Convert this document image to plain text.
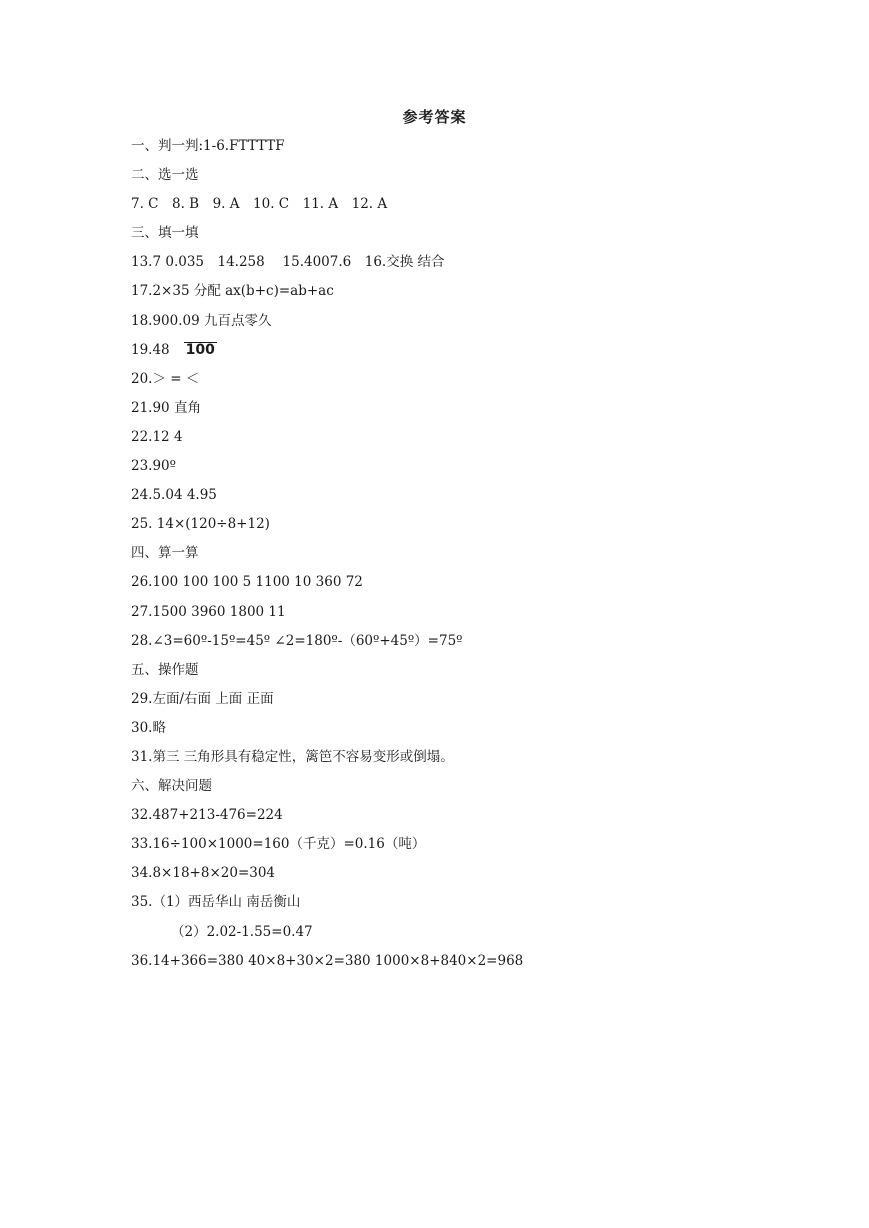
参考答案
一、判一判:1-6.FTTTTF
二、选一选
7. C　8. B　9. A　10. C　11. A　12. A
三、填一填
13.7 0.035　14.258　 15.4007.6　16.交换 结合
17.2×35 分配 ax(b+c)=ab+ac
18.900.09 九百点零久
19.48 100
20.＞ = ＜
21.90 直角
22.12 4
23.90º
24.5.04 4.95
25. 14×(120÷8+12)
四、算一算
26.100 100 100 5 1100 10 360 72
27.1500 3960 1800 11
28.∠3=60º-15º=45º ∠2=180º-（60º+45º）=75º
五、操作题
29.左面/右面 上面 正面
30.略
31.第三 三角形具有稳定性，篱笆不容易变形或倒塌。
六、解决问题
32.487+213-476=224
33.16÷100×1000=160（千克）=0.16（吨）
34.8×18+8×20=304
35.（1）西岳华山 南岳衡山
（2）2.02-1.55=0.47
36.14+366=380 40×8+30×2=380 1000×8+840×2=968
